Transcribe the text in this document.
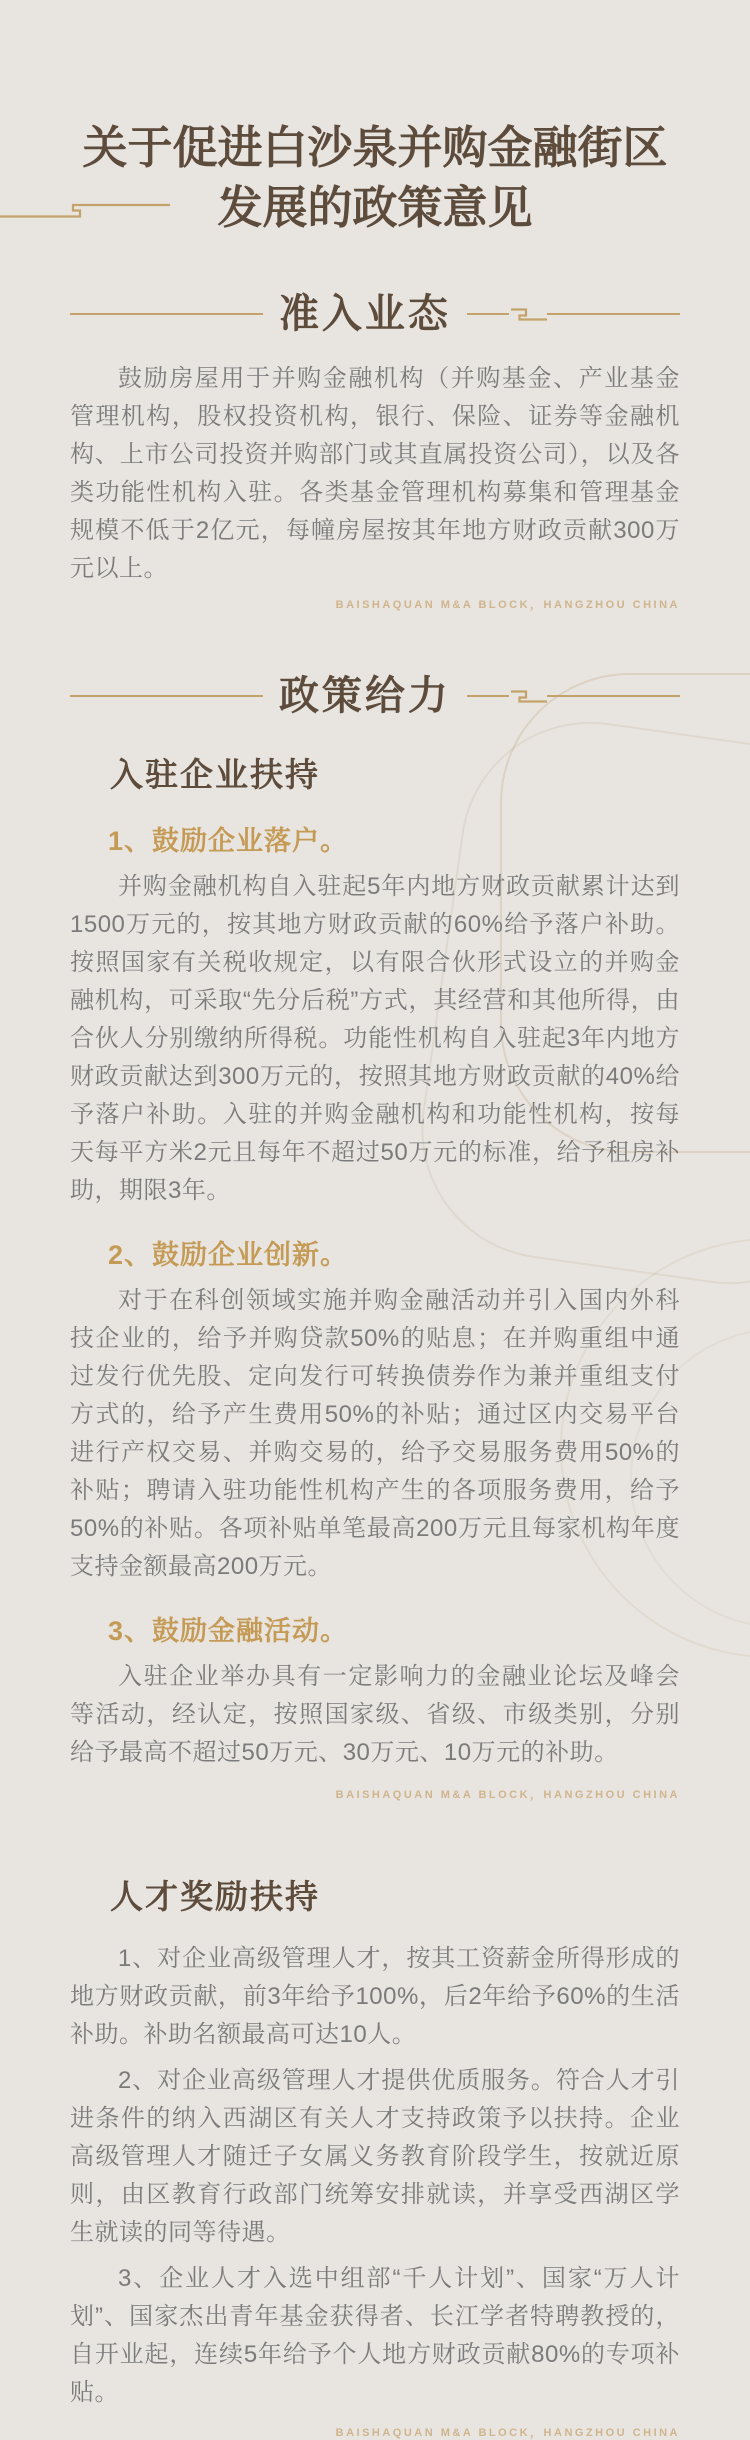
关于促进白沙泉并购金融街区发展的政策意见
准入业态

鼓励房屋用于并购金融机构（并购基金、产业基金管理机构，股权投资机构，银行、保险、证券等金融机构、上市公司投资并购部门或其直属投资公司），以及各类功能性机构入驻。各类基金管理机构募集和管理基金规模不低于2亿元，每幢房屋按其年地方财政贡献300万元以上。

BAISHAQUAN M&A BLOCK，HANGZHOU CHINA
政策给力
入驻企业扶持
1、鼓励企业落户。

并购金融机构自入驻起5年内地方财政贡献累计达到1500万元的，按其地方财政贡献的60%给予落户补助。按照国家有关税收规定，以有限合伙形式设立的并购金融机构，可采取“先分后税”方式，其经营和其他所得，由合伙人分别缴纳所得税。功能性机构自入驻起3年内地方财政贡献达到300万元的，按照其地方财政贡献的40%给予落户补助。入驻的并购金融机构和功能性机构，按每天每平方米2元且每年不超过50万元的标准，给予租房补助，期限3年。

2、鼓励企业创新。

对于在科创领域实施并购金融活动并引入国内外科技企业的，给予并购贷款50%的贴息；在并购重组中通过发行优先股、定向发行可转换债券作为兼并重组支付方式的，给予产生费用50%的补贴；通过区内交易平台进行产权交易、并购交易的，给予交易服务费用50%的补贴；聘请入驻功能性机构产生的各项服务费用，给予50%的补贴。各项补贴单笔最高200万元且每家机构年度支持金额最高200万元。

3、鼓励金融活动。

入驻企业举办具有一定影响力的金融业论坛及峰会等活动，经认定，按照国家级、省级、市级类别，分别给予最高不超过50万元、30万元、10万元的补助。

BAISHAQUAN M&A BLOCK，HANGZHOU CHINA
人才奖励扶持

1、对企业高级管理人才，按其工资薪金所得形成的地方财政贡献，前3年给予100%，后2年给予60%的生活补助。补助名额最高可达10人。

2、对企业高级管理人才提供优质服务。符合人才引进条件的纳入西湖区有关人才支持政策予以扶持。企业高级管理人才随迁子女属义务教育阶段学生，按就近原则，由区教育行政部门统筹安排就读，并享受西湖区学生就读的同等待遇。

3、企业人才入选中组部“千人计划”、国家“万人计划”、国家杰出青年基金获得者、长江学者特聘教授的，自开业起，连续5年给予个人地方财政贡献80%的专项补贴。

BAISHAQUAN M&A BLOCK，HANGZHOU CHINA
